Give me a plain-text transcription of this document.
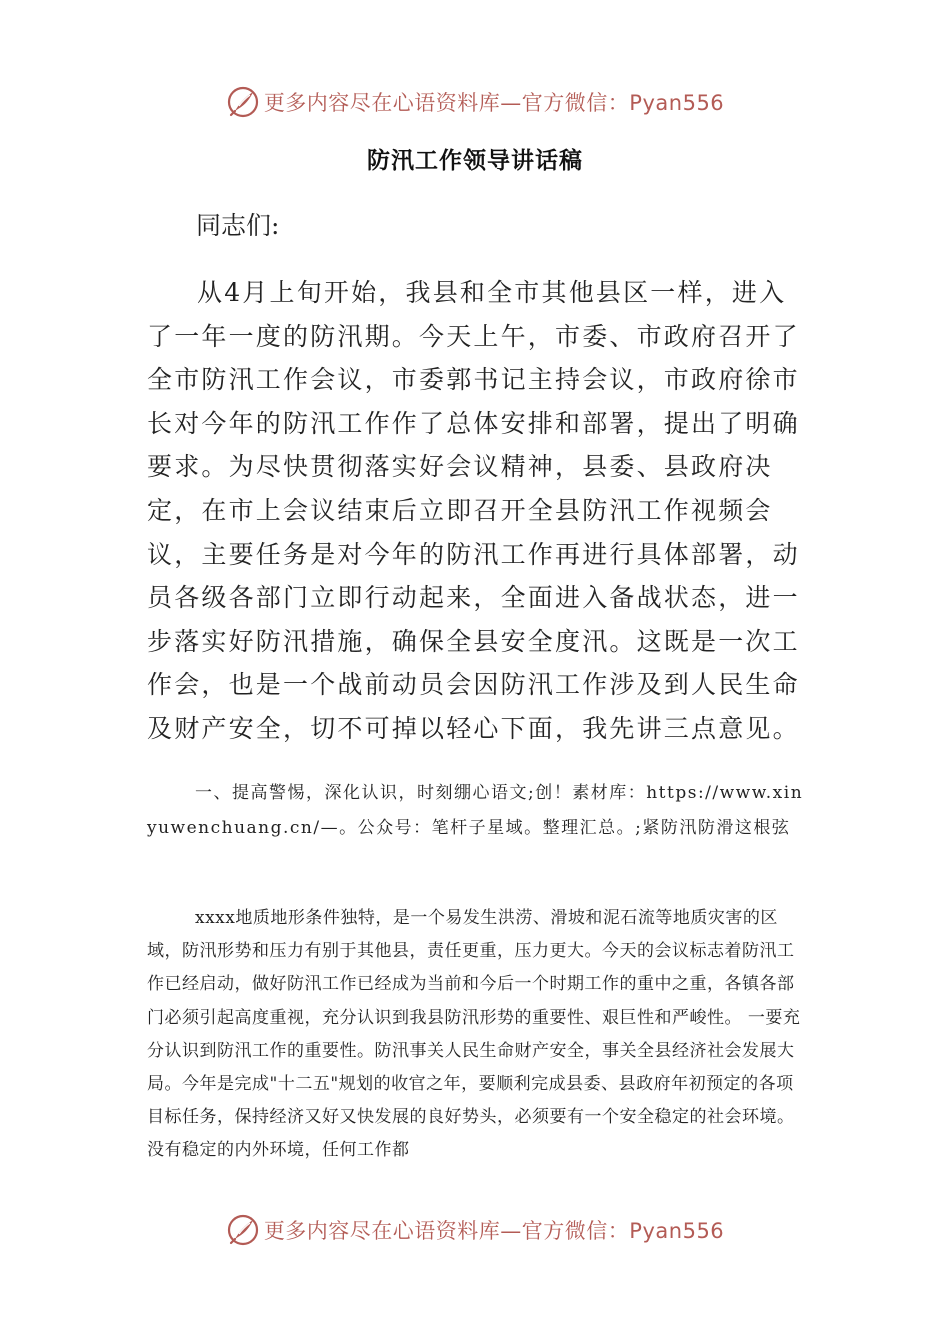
更多内容尽在心语资料库—官方微信：Pyan556
防汛工作领导讲话稿
同志们:

从4月上旬开始，我县和全市其他县区一样，进入了一年一度的防汛期。今天上午，市委、市政府召开了全市防汛工作会议，市委郭书记主持会议，市政府徐市长对今年的防汛工作作了总体安排和部署，提出了明确要求。为尽快贯彻落实好会议精神，县委、县政府决定，在市上会议结束后立即召开全县防汛工作视频会议，主要任务是对今年的防汛工作再进行具体部署，动员各级各部门立即行动起来，全面进入备战状态，进一步落实好防汛措施，确保全县安全度汛。这既是一次工作会，也是一个战前动员会因防汛工作涉及到人民生命及财产安全，切不可掉以轻心下面，我先讲三点意见。

一、提高警惕，深化认识，时刻绷心语文;创！素材库：https://www.xinyuwenchuang.cn/—。公众号：笔杆子星域。整理汇总。;紧防汛防滑这根弦

xxxx地质地形条件独特，是一个易发生洪涝、滑坡和泥石流等地质灾害的区域，防汛形势和压力有别于其他县，责任更重，压力更大。今天的会议标志着防汛工作已经启动，做好防汛工作已经成为当前和今后一个时期工作的重中之重，各镇各部门必须引起高度重视，充分认识到我县防汛形势的重要性、艰巨性和严峻性。 一要充分认识到防汛工作的重要性。防汛事关人民生命财产安全，事关全县经济社会发展大局。今年是完成"十二五"规划的收官之年，要顺利完成县委、县政府年初预定的各项目标任务，保持经济又好又快发展的良好势头，必须要有一个安全稳定的社会环境。没有稳定的内外环境，任何工作都

更多内容尽在心语资料库—官方微信：Pyan556
